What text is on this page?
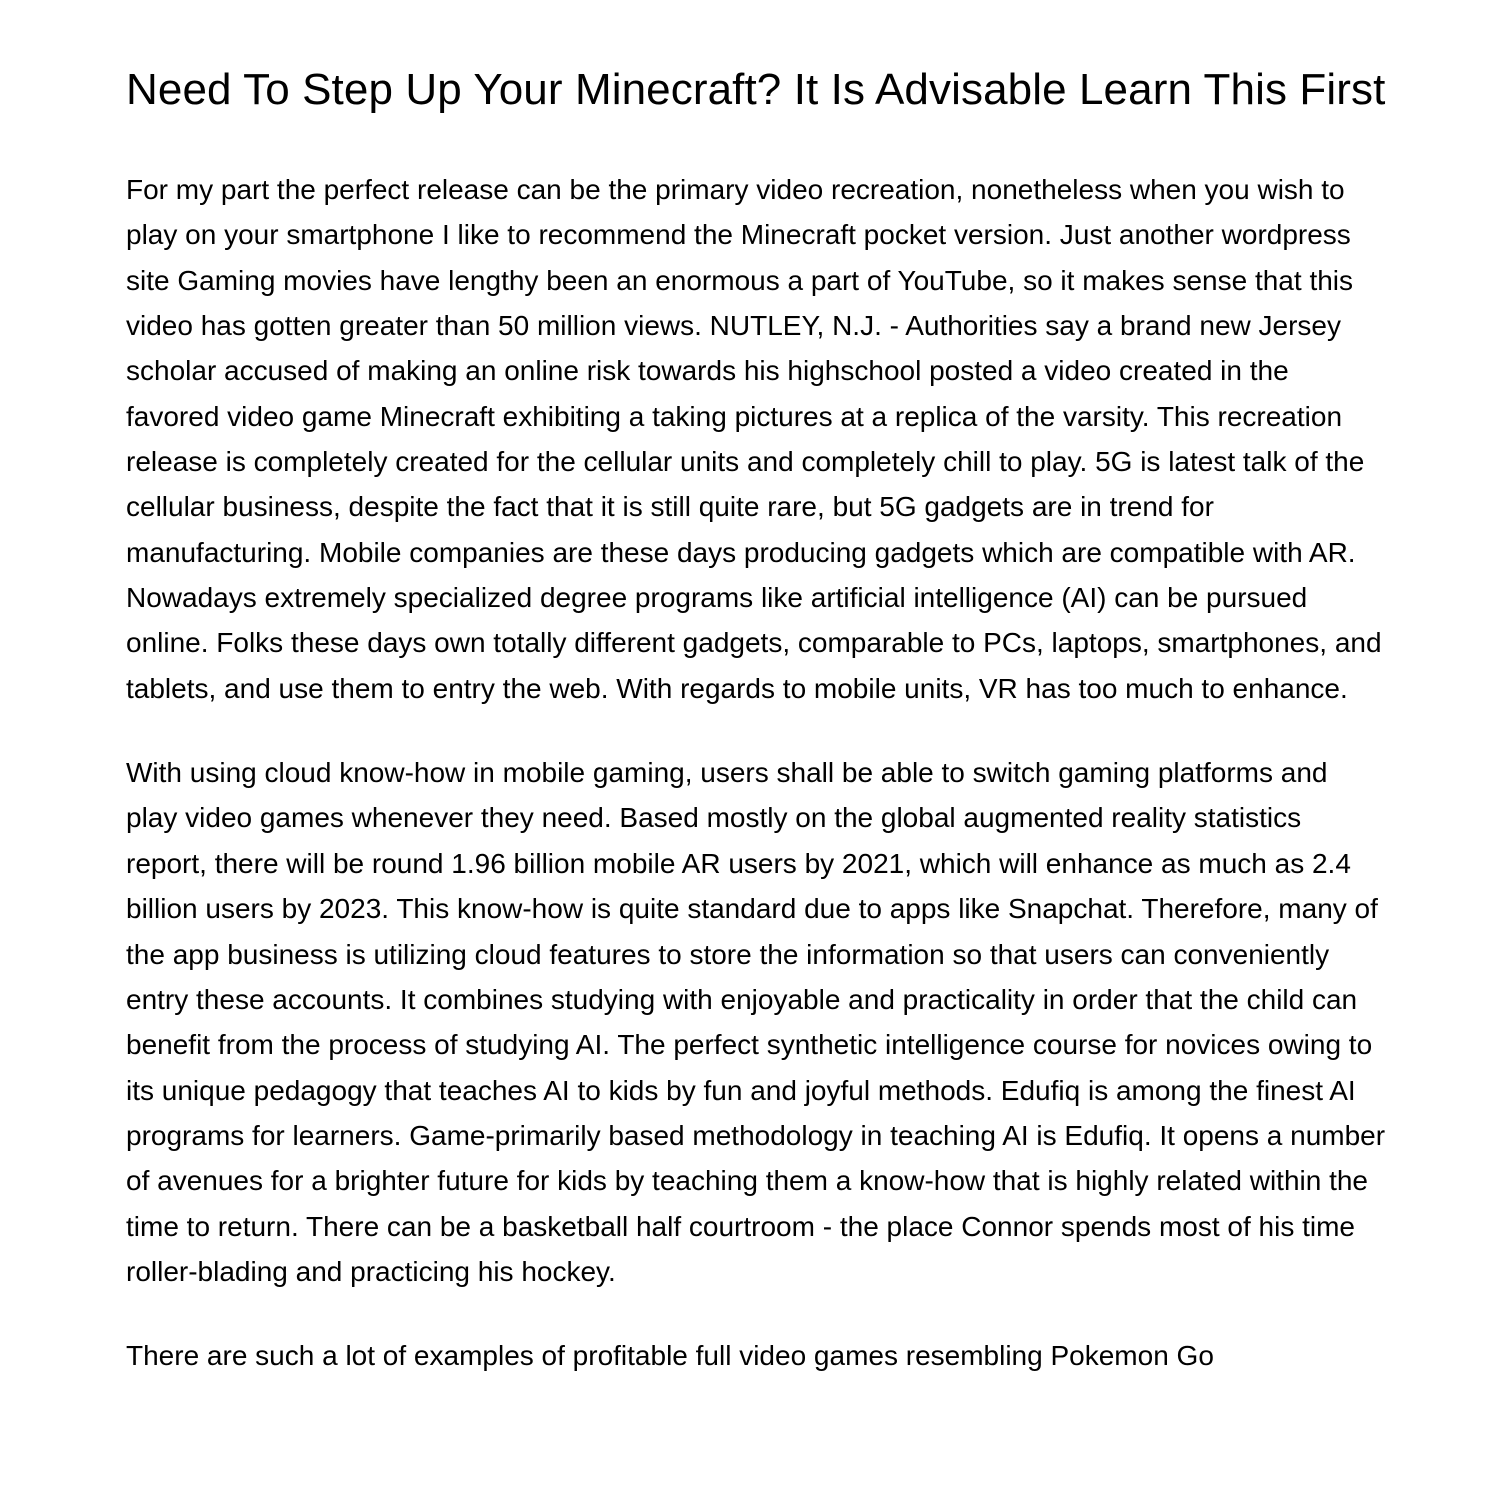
Need To Step Up Your Minecraft? It Is Advisable Learn This First

For my part the perfect release can be the primary video recreation, nonetheless when you wish to play on your smartphone I like to recommend the Minecraft pocket version. Just another wordpress site Gaming movies have lengthy been an enormous a part of YouTube, so it makes sense that this video has gotten greater than 50 million views. NUTLEY, N.J. - Authorities say a brand new Jersey scholar accused of making an online risk towards his highschool posted a video created in the favored video game Minecraft exhibiting a taking pictures at a replica of the varsity. This recreation release is completely created for the cellular units and completely chill to play. 5G is latest talk of the cellular business, despite the fact that it is still quite rare, but 5G gadgets are in trend for manufacturing. Mobile companies are these days producing gadgets which are compatible with AR. Nowadays extremely specialized degree programs like artificial intelligence (AI) can be pursued online. Folks these days own totally different gadgets, comparable to PCs, laptops, smartphones, and tablets, and use them to entry the web. With regards to mobile units, VR has too much to enhance.

With using cloud know-how in mobile gaming, users shall be able to switch gaming platforms and play video games whenever they need. Based mostly on the global augmented reality statistics report, there will be round 1.96 billion mobile AR users by 2021, which will enhance as much as 2.4 billion users by 2023. This know-how is quite standard due to apps like Snapchat. Therefore, many of the app business is utilizing cloud features to store the information so that users can conveniently entry these accounts. It combines studying with enjoyable and practicality in order that the child can benefit from the process of studying AI. The perfect synthetic intelligence course for novices owing to its unique pedagogy that teaches AI to kids by fun and joyful methods. Edufiq is among the finest AI programs for learners. Game-primarily based methodology in teaching AI is Edufiq. It opens a number of avenues for a brighter future for kids by teaching them a know-how that is highly related within the time to return. There can be a basketball half courtroom - the place Connor spends most of his time roller-blading and practicing his hockey.

There are such a lot of examples of profitable full video games resembling Pokemon Go
